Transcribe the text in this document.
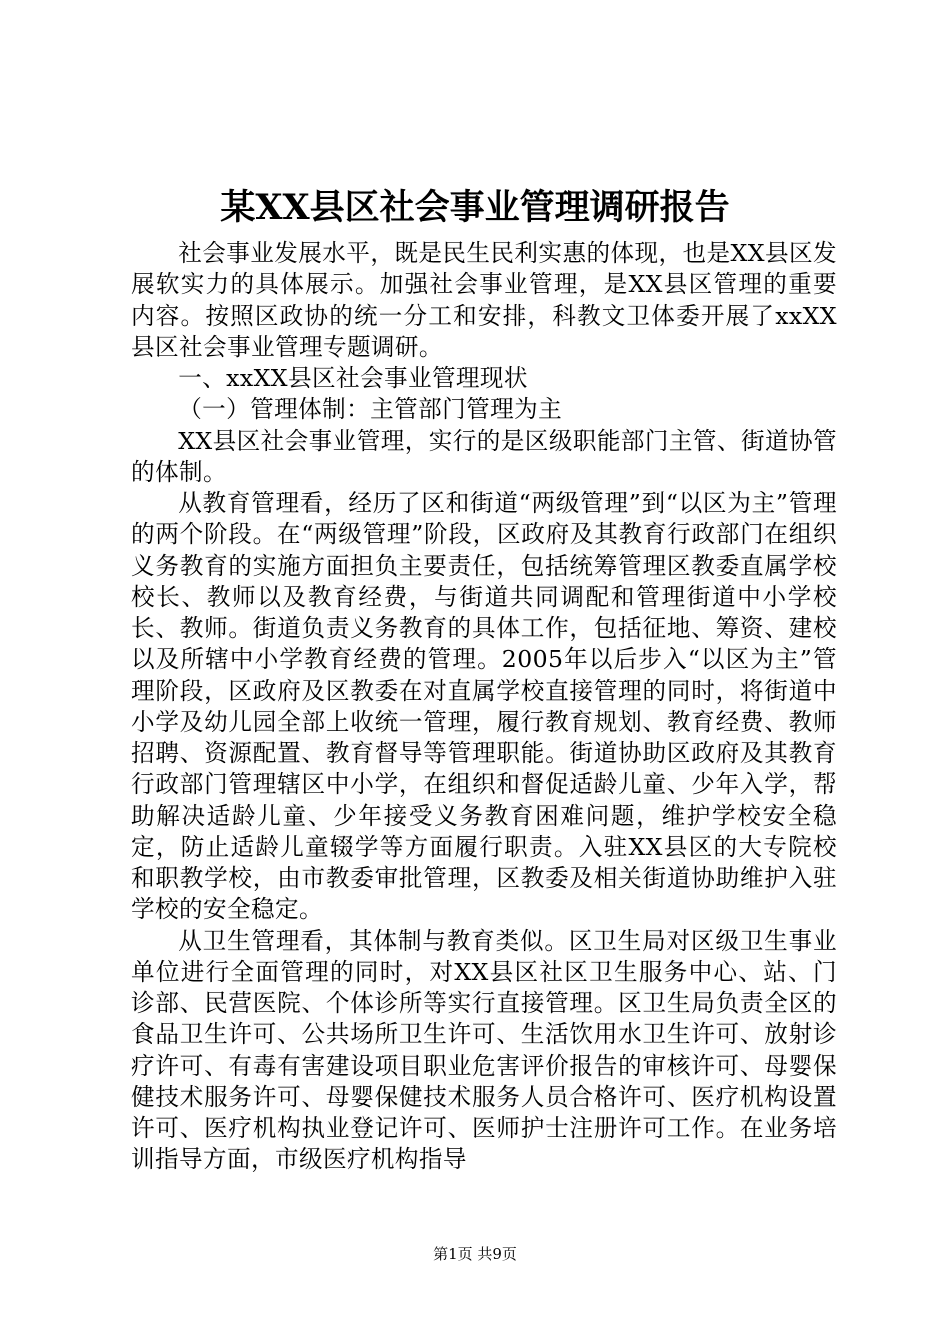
某XX县区社会事业管理调研报告

社会事业发展水平，既是民生民利实惠的体现，也是XX县区发展软实力的具体展示。加强社会事业管理，是XX县区管理的重要内容。按照区政协的统一分工和安排，科教文卫体委开展了xxXX县区社会事业管理专题调研。

一、xxXX县区社会事业管理现状

（一）管理体制：主管部门管理为主

XX县区社会事业管理，实行的是区级职能部门主管、街道协管的体制。

从教育管理看，经历了区和街道“两级管理”到“以区为主”管理的两个阶段。在“两级管理”阶段，区政府及其教育行政部门在组织义务教育的实施方面担负主要责任，包括统筹管理区教委直属学校校长、教师以及教育经费，与街道共同调配和管理街道中小学校长、教师。街道负责义务教育的具体工作，包括征地、筹资、建校以及所辖中小学教育经费的管理。2005年以后步入“以区为主”管理阶段，区政府及区教委在对直属学校直接管理的同时，将街道中小学及幼儿园全部上收统一管理，履行教育规划、教育经费、教师招聘、资源配置、教育督导等管理职能。街道协助区政府及其教育行政部门管理辖区中小学，在组织和督促适龄儿童、少年入学，帮助解决适龄儿童、少年接受义务教育困难问题，维护学校安全稳定，防止适龄儿童辍学等方面履行职责。入驻XX县区的大专院校和职教学校，由市教委审批管理，区教委及相关街道协助维护入驻学校的安全稳定。

从卫生管理看，其体制与教育类似。区卫生局对区级卫生事业单位进行全面管理的同时，对XX县区社区卫生服务中心、站、门诊部、民营医院、个体诊所等实行直接管理。区卫生局负责全区的食品卫生许可、公共场所卫生许可、生活饮用水卫生许可、放射诊疗许可、有毒有害建设项目职业危害评价报告的审核许可、母婴保健技术服务许可、母婴保健技术服务人员合格许可、医疗机构设置许可、医疗机构执业登记许可、医师护士注册许可工作。在业务培训指导方面，市级医疗机构指导

第1页 共9页
